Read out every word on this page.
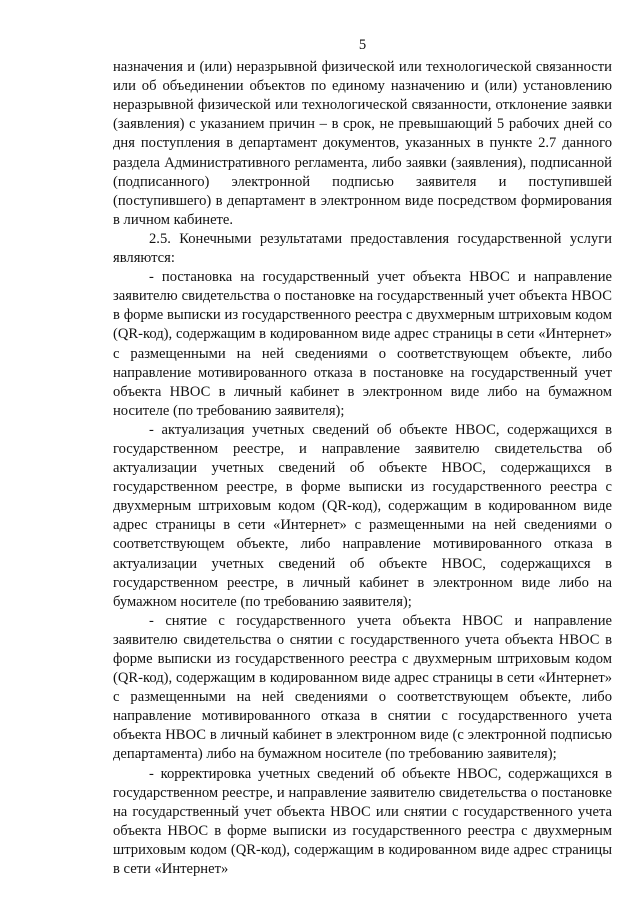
5

назначения и (или) неразрывной физической или технологической связанности или об объединении объектов по единому назначению и (или) установлению неразрывной физической или технологической связанности, отклонение заявки (заявления) с указанием причин – в срок, не превышающий 5 рабочих дней со дня поступления в департамент документов, указанных в пункте 2.7 данного раздела Административного регламента, либо заявки (заявления), подписанной (подписанного) электронной подписью заявителя и поступившей (поступившего) в департамент в электронном виде посредством формирования в личном кабинете.

2.5. Конечными результатами предоставления государственной услуги являются:

- постановка на государственный учет объекта НВОС и направление заявителю свидетельства о постановке на государственный учет объекта НВОС в форме выписки из государственного реестра с двухмерным штриховым кодом (QR-код), содержащим в кодированном виде адрес страницы в сети «Интернет» с размещенными на ней сведениями о соответствующем объекте, либо направление мотивированного отказа в постановке на государственный учет объекта НВОС в личный кабинет в электронном виде либо на бумажном носителе (по требованию заявителя);

- актуализация учетных сведений об объекте НВОС, содержащихся в государственном реестре, и направление заявителю свидетельства об актуализации учетных сведений об объекте НВОС, содержащихся в государственном реестре, в форме выписки из государственного реестра с двухмерным штриховым кодом (QR-код), содержащим в кодированном виде адрес страницы в сети «Интернет» с размещенными на ней сведениями о соответствующем объекте, либо направление мотивированного отказа в актуализации учетных сведений об объекте НВОС, содержащихся в государственном реестре, в личный кабинет в электронном виде либо на бумажном носителе (по требованию заявителя);

- снятие с государственного учета объекта НВОС и направление заявителю свидетельства о снятии с государственного учета объекта НВОС в форме выписки из государственного реестра с двухмерным штриховым кодом (QR-код), содержащим в кодированном виде адрес страницы в сети «Интернет» с размещенными на ней сведениями о соответствующем объекте, либо направление мотивированного отказа в снятии с государственного учета объекта НВОС в личный кабинет в электронном виде (с электронной подписью департамента) либо на бумажном носителе (по требованию заявителя);

- корректировка учетных сведений об объекте НВОС, содержащихся в государственном реестре, и направление заявителю свидетельства о постановке на государственный учет объекта НВОС или снятии с государственного учета объекта НВОС в форме выписки из государственного реестра с двухмерным штриховым кодом (QR-код), содержащим в кодированном виде адрес страницы в сети «Интернет»
